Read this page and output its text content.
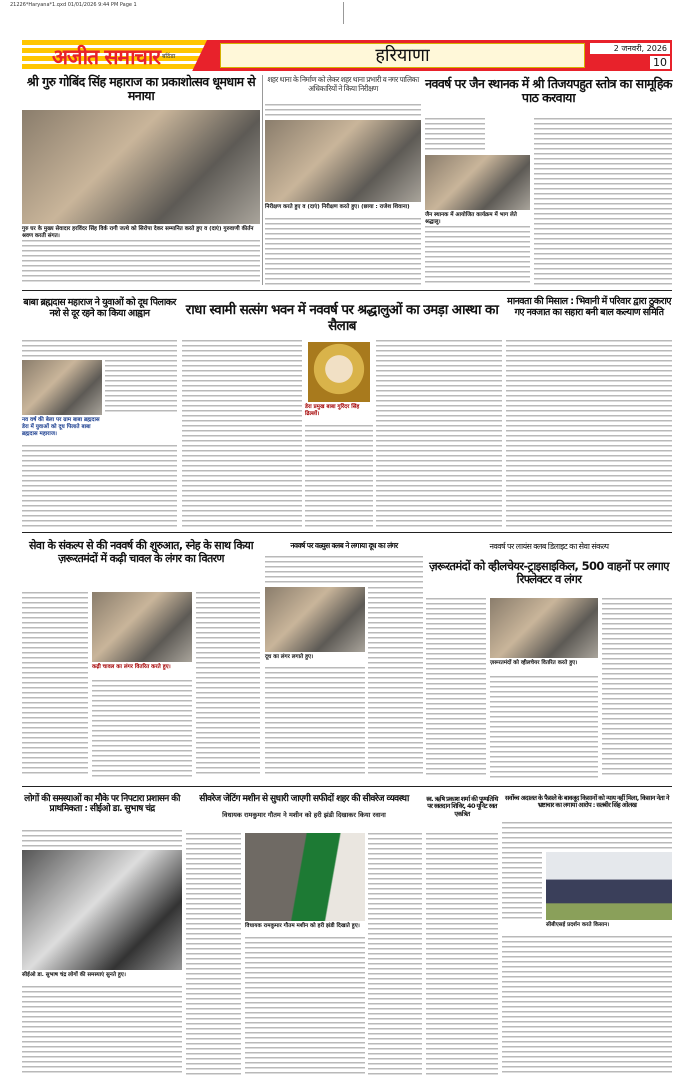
21226*Haryana*1.qxd 01/01/2026 9:44 PM Page 1
अजीत समाचार बठिंडा	हरियाणा	2 जनवरी, 2026
10
श्री गुरु गोबिंद सिंह महाराज का प्रकाशोत्सव धूमधाम से मनाया
गुरु घर के मुख्य सेवादार हरविंदर सिंह विर्क रागी जत्थे को सिरोपा देकर सम्मानित करते हुए व (दाएं) गुरुवाणी कीर्तन श्रवण करती संगत।
शहर थाना के निर्माण को लेकर शहर थाना प्रभारी व नगर पालिका अधिकारियों ने किया निरीक्षण
निरीक्षण करते हुए व (दाएं) निरीक्षण करते हुए। (छाया : राजेश शिवाना)
नववर्ष पर जैन स्थानक में श्री तिजयपहुत स्तोत्र का सामूहिक पाठ करवाया
जैन स्थानक में आयोजित कार्यक्रम में भाग लेते श्रद्धालु।
बाबा ब्रह्मदास महाराज ने युवाओं को दूध पिलाकर नशे से दूर रहने का किया आह्वान
नव वर्ष की बेला पर ग्राम बाबा ब्रह्मदास डेरा में युवाओं को दूध पिलाते बाबा ब्रह्मदास महाराज।
राधा स्वामी सत्संग भवन में नववर्ष पर श्रद्धालुओं का उमड़ा आस्था का सैलाब
डेरा प्रमुख बाबा गुरिंदर सिंह ढिल्लों।
मानवता की मिसाल : भिवानी में परिवार द्वारा ठुकराए गए नवजात का सहारा बनी बाल कल्याण समिति
सेवा के संकल्प से की नववर्ष की शुरुआत, स्नेह के साथ किया ज़रूरतमंदों में कढ़ी चावल के लंगर का वितरण
कढ़ी चावल का लंगर वितरित करते हुए।
नववर्ष पर वल्र्युस क्लब ने लगाया दूध का लंगर
दूध का लंगर लगाते हुए।
नववर्ष पर लायंस क्लब डिलाइट का सेवा संकल्प
ज़रूरतमंदों को व्हीलचेयर-ट्राइसाइकिल, 500 वाहनों पर लगाए रिफ्लेक्टर व लंगर
ज़रूरतमंदों को व्हीलचेयर वितरित करते हुए।
लोगों की समस्याओं का मौके पर निपटारा प्रशासन की प्राथमिकता : सीईओ डा. सुभाष चंद्र
सीईओ डा. सुभाष चंद्र लोगों की समस्याएं सुनते हुए।
सीवरेज जेटिंग मशीन से सुधारी जाएगी सफीदों शहर की सीवरेज व्यवस्था
विधायक रामकुमार गौतम ने मशीन को हरी झंडी दिखाकर किया रवाना
विधायक रामकुमार गौतम मशीन को हरी झंडी दिखाते हुए।
स्व. ऋषि प्रकाश शर्मा की पुण्यतिथि पर रक्तदान शिविर, 40 यूनिट रक्त एकत्रित
सर्वोच्च अदालत के फैसले के बावजूद किसानों को न्याय नहीं मिला, किसान नेता ने भ्रष्टाचार का लगाया आरोप : सतबीर सिंह ओलख
सीबीएसई प्रदर्शन करते किसान।
